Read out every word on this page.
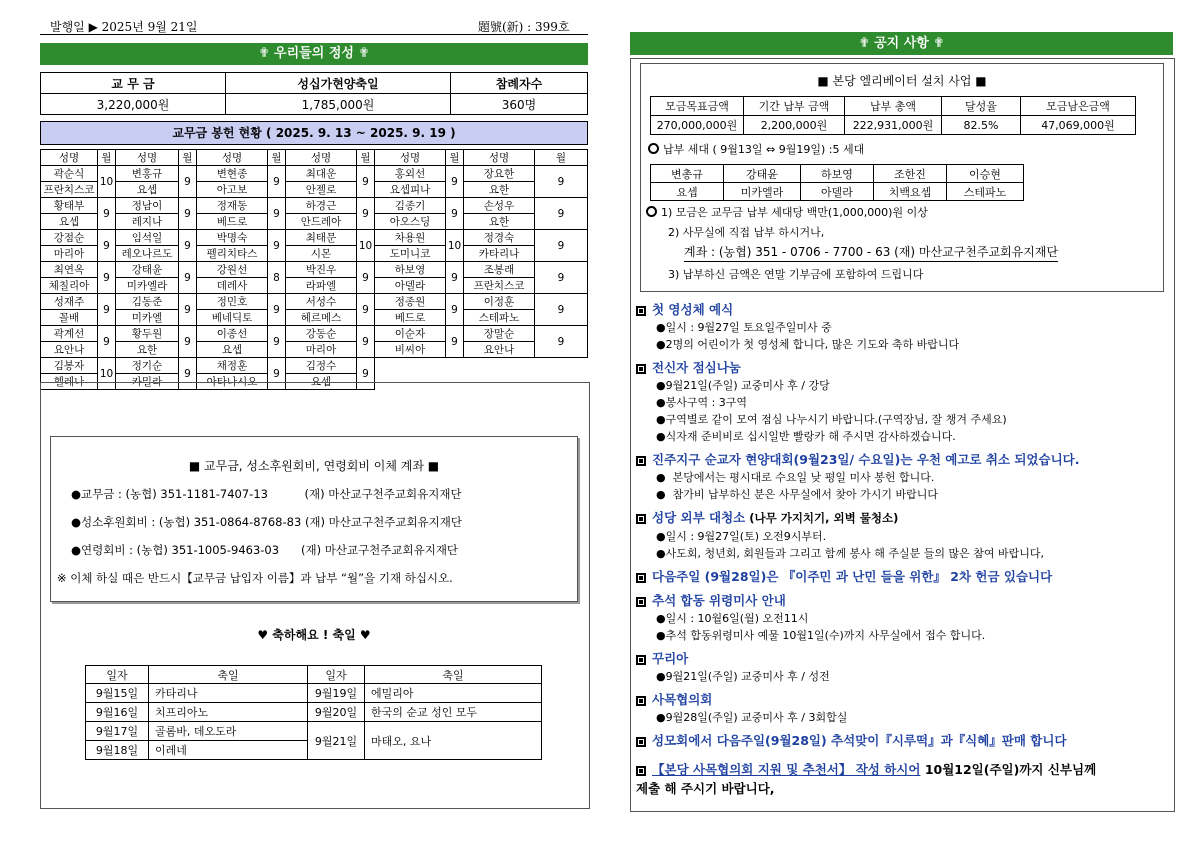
발행일 ▶ 2025년 9월 21일	題號(新) : 399호
✟ 우리들의 정성 ✟
교 무 금	성십가현양축일	참례자수
3,220,000원	1,785,000원	360명
교무금 봉헌 현황 ( 2025. 9. 13 ~ 2025. 9. 19 )
성명	월	성명	월	성명	월	성명	월	성명	월	성명	월
곽순식	10	변홍규	9	변현종	9	최대운	9	홍외선	9	장요한	9
프란치스코		요셉		아고보		안젤로		요셉피나		요한	
황태부	9	정남이	9	정재동	9	하경근	9	김종기	9	손성우	9
요셉		레지나		베드로		안드레아		아오스딩		요한	
강점순	9	임석일	9	박명숙	9	최태문	10	차용원	10	정경숙	9
마리아		레오나르도		펠리치타스		시몬		도미니코		카타리나	
최연옥	9	강태윤	9	강원선	8	박진우	9	하보영	9	조봉래	9
체칠리아		미카엘라		데레사		라파엘		아델라		프란치스코	
성재주	9	김동준	9	정민호	9	서성수	9	정종원	9	이정훈	9
꼴배		미카엘		베네딕토		헤르메스		베드로		스테파노	
곽계선	9	황두원	9	이종선	9	강동순	9	이순자	9	장말순	9
요안나		요한		요셉		마리아		비씨아		요안나	
김봉자	10	정기순	9	채정훈	9	김정수	9				
헬레나		카밀라		아타나시오		요셉					
■ 교무금, 성소후원회비, 연령회비 이체 계좌 ■
●교무금 : (농협) 351-1181-7407-13          (재) 마산교구천주교회유지재단
●성소후원회비 : (농협) 351-0864-8768-83 (재) 마산교구천주교회유지재단
●연령회비 : (농협) 351-1005-9463-03      (재) 마산교구천주교회유지재단
※ 이체 하실 때은 반드시【교무금 납입자 이름】과 납부 “월”을 기재 하십시오.
♥ 축하해요 ! 축일 ♥
일자	축일	일자	축일
9월15일	카타리나	9월19일	에밀리아
9월16일	치프리아노	9월20일	한국의 순교 성인 모두
9월17일	골롬바, 데오도라	9월21일	마태오, 요나
9월18일	이레네		
✟ 공지 사항 ✟
■ 본당 엘리베이터 설치 사업 ■
모금목표금액	기간 납부 금액	납부 총액	달성율	모금남은금액
270,000,000원	2,200,000원	222,931,000원	82.5%	47,069,000원
납부 세대 ( 9월13일 ⇔ 9월19일) :5 세대
변총규	강태윤	하보영	조한진	이승현
요셉	미카엘라	아델라	치백요셉	스테파노
1) 모금은 교무금 납부 세대당 백만(1,000,000)원 이상
2) 사무실에 직접 납부 하시거나,
계좌 : (농협) 351 - 0706 - 7700 - 63 (재) 마산교구천주교회유지재단
3) 납부하신 금액은 연말 기부금에 포함하여 드립니다
첫 영성체 예식
●일시 : 9월27일 토요일주일미사 중
●2명의 어린이가 첫 영성체 합니다, 많은 기도와 축하 바랍니다
전신자 점심나눔
●9월21일(주일) 교중미사 후 / 강당
●봉사구역 : 3구역
●구역별로 같이 모여 점심 나누시기 바랍니다.(구역장님, 잘 챙겨 주세요)
●식자재 준비비로 십시일반 빨랑카 해 주시면 감사하겠습니다.
진주지구 순교자 현양대회(9월23일/ 수요일)는 우천 예고로 취소 되었습니다.
●  본당에서는 평시대로 수요일 낮 평일 미사 봉헌 합니다.
●  참가비 납부하신 분은 사무실에서 찾아 가시기 바랍니다
성당 외부 대청소 (나무 가지치기, 외벽 물청소)
●일시 : 9월27일(토) 오전9시부터.
●사도회, 청년회, 회원들과 그리고 함께 봉사 해 주실분 들의 많은 참여 바랍니다,
다음주일 (9월28일)은 『이주민 과 난민 들을 위한』 2차 헌금 있습니다
추석 합동 위령미사 안내
●일시 : 10월6일(월) 오전11시
●추석 합동위령미사 예물 10월1일(수)까지 사무실에서 접수 합니다.
꾸리아
●9월21일(주일) 교중미사 후 / 성전
사목협의회
●9월28일(주일) 교중미사 후 / 3회합실
성모회에서 다음주일(9월28일) 추석맞이『시루떡』과『식혜』판매 합니다
【본당 사목협의회 지원 및 추천서】 작성 하시어 10월12일(주일)까지 신부님께
제출 해 주시기 바랍니다,
